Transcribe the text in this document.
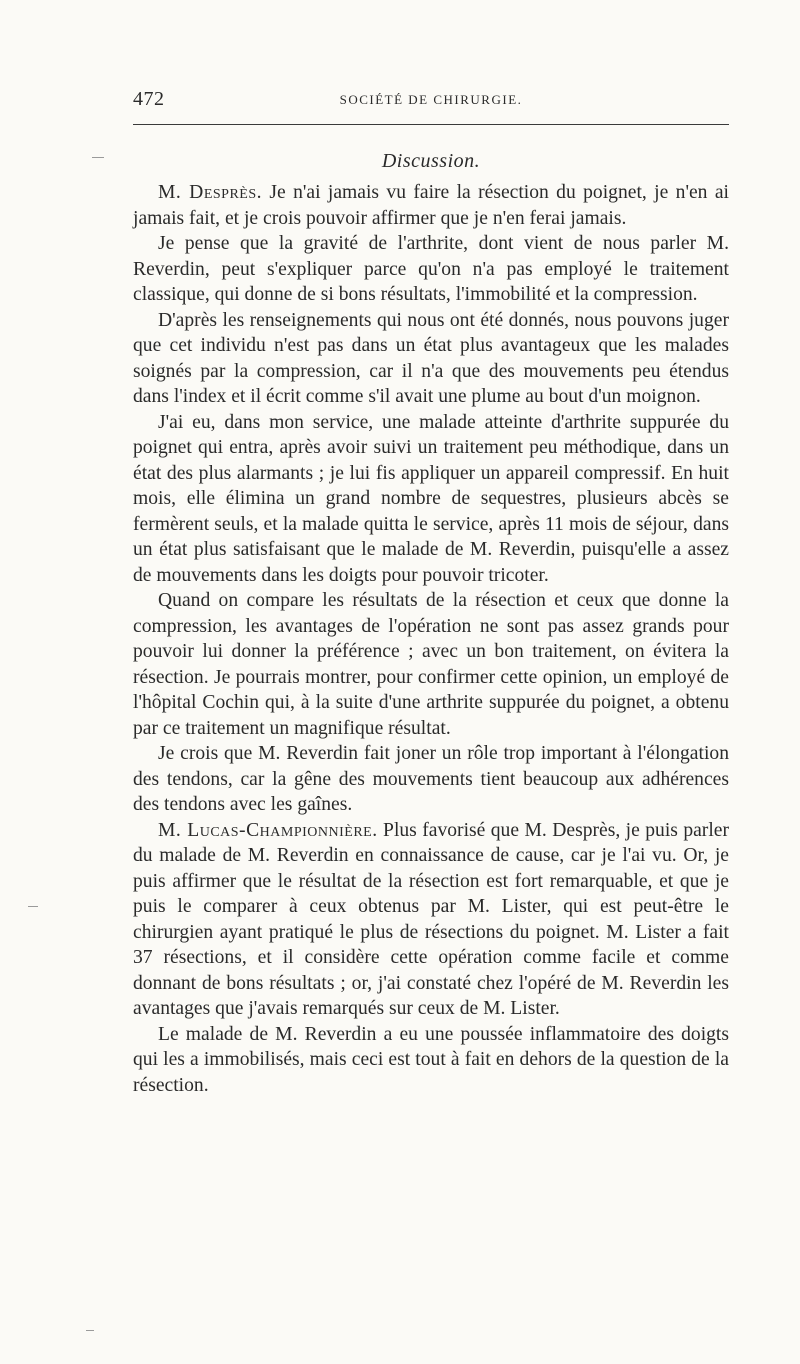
472	SOCIÉTÉ DE CHIRURGIE.
Discussion.

M. Desprès. Je n'ai jamais vu faire la résection du poignet, je n'en ai jamais fait, et je crois pouvoir affirmer que je n'en ferai jamais.

Je pense que la gravité de l'arthrite, dont vient de nous parler M. Reverdin, peut s'expliquer parce qu'on n'a pas employé le traitement classique, qui donne de si bons résultats, l'immobilité et la compression.

D'après les renseignements qui nous ont été donnés, nous pouvons juger que cet individu n'est pas dans un état plus avantageux que les malades soignés par la compression, car il n'a que des mouvements peu étendus dans l'index et il écrit comme s'il avait une plume au bout d'un moignon.

J'ai eu, dans mon service, une malade atteinte d'arthrite suppurée du poignet qui entra, après avoir suivi un traitement peu méthodique, dans un état des plus alarmants ; je lui fis appliquer un appareil compressif. En huit mois, elle élimina un grand nombre de sequestres, plusieurs abcès se fermèrent seuls, et la malade quitta le service, après 11 mois de séjour, dans un état plus satisfaisant que le malade de M. Reverdin, puisqu'elle a assez de mouvements dans les doigts pour pouvoir tricoter.

Quand on compare les résultats de la résection et ceux que donne la compression, les avantages de l'opération ne sont pas assez grands pour pouvoir lui donner la préférence ; avec un bon traitement, on évitera la résection. Je pourrais montrer, pour confirmer cette opinion, un employé de l'hôpital Cochin qui, à la suite d'une arthrite suppurée du poignet, a obtenu par ce traitement un magnifique résultat.

Je crois que M. Reverdin fait joner un rôle trop important à l'élongation des tendons, car la gêne des mouvements tient beaucoup aux adhérences des tendons avec les gaînes.

M. Lucas-Championnière. Plus favorisé que M. Desprès, je puis parler du malade de M. Reverdin en connaissance de cause, car je l'ai vu. Or, je puis affirmer que le résultat de la résection est fort remarquable, et que je puis le comparer à ceux obtenus par M. Lister, qui est peut-être le chirurgien ayant pratiqué le plus de résections du poignet. M. Lister a fait 37 résections, et il considère cette opération comme facile et comme donnant de bons résultats ; or, j'ai constaté chez l'opéré de M. Reverdin les avantages que j'avais remarqués sur ceux de M. Lister.

Le malade de M. Reverdin a eu une poussée inflammatoire des doigts qui les a immobilisés, mais ceci est tout à fait en dehors de la question de la résection.
